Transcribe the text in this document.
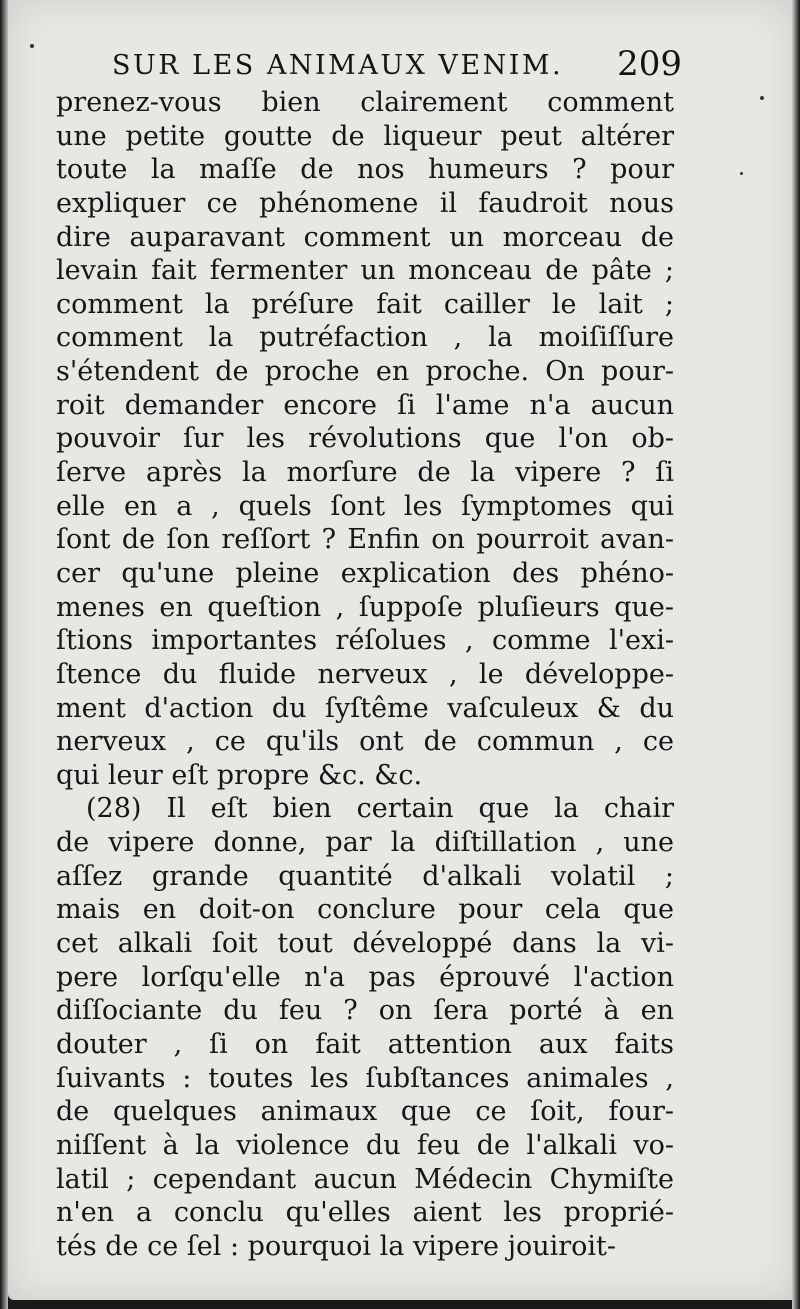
SUR LES ANIMAUX VENIM. 209
prenez-vous bien clairement comment
une petite goutte de liqueur peut altérer
toute la maſſe de nos humeurs ? pour
expliquer ce phénomene il faudroit nous
dire auparavant comment un morceau de
levain fait fermenter un monceau de pâte ;
comment la préſure fait cailler le lait ;
comment la putréfaction , la moiſiſſure
s'étendent de proche en proche. On pour-
roit demander encore ſi l'ame n'a aucun
pouvoir ſur les révolutions que l'on ob-
ſerve après la morſure de la vipere ? ſi
elle en a , quels ſont les ſymptomes qui
ſont de ſon reſſort ? Enfin on pourroit avan-
cer qu'une pleine explication des phéno-
menes en queſtion , ſuppoſe pluſieurs que-
ſtions importantes réſolues , comme l'exi-
ſtence du fluide nerveux , le développe-
ment d'action du ſyſtême vaſculeux & du
nerveux , ce qu'ils ont de commun , ce
qui leur eſt propre &c. &c.
(28) Il eſt bien certain que la chair
de vipere donne, par la diſtillation , une
aſſez grande quantité d'alkali volatil ;
mais en doit-on conclure pour cela que
cet alkali ſoit tout développé dans la vi-
pere lorſqu'elle n'a pas éprouvé l'action
diſſociante du feu ? on ſera porté à en
douter , ſi on fait attention aux faits
ſuivants : toutes les ſubſtances animales ,
de quelques animaux que ce ſoit, four-
niſſent à la violence du feu de l'alkali vo-
latil ; cependant aucun Médecin Chymiſte
n'en a conclu qu'elles aient les proprié-
tés de ce ſel : pourquoi la vipere jouiroit-
